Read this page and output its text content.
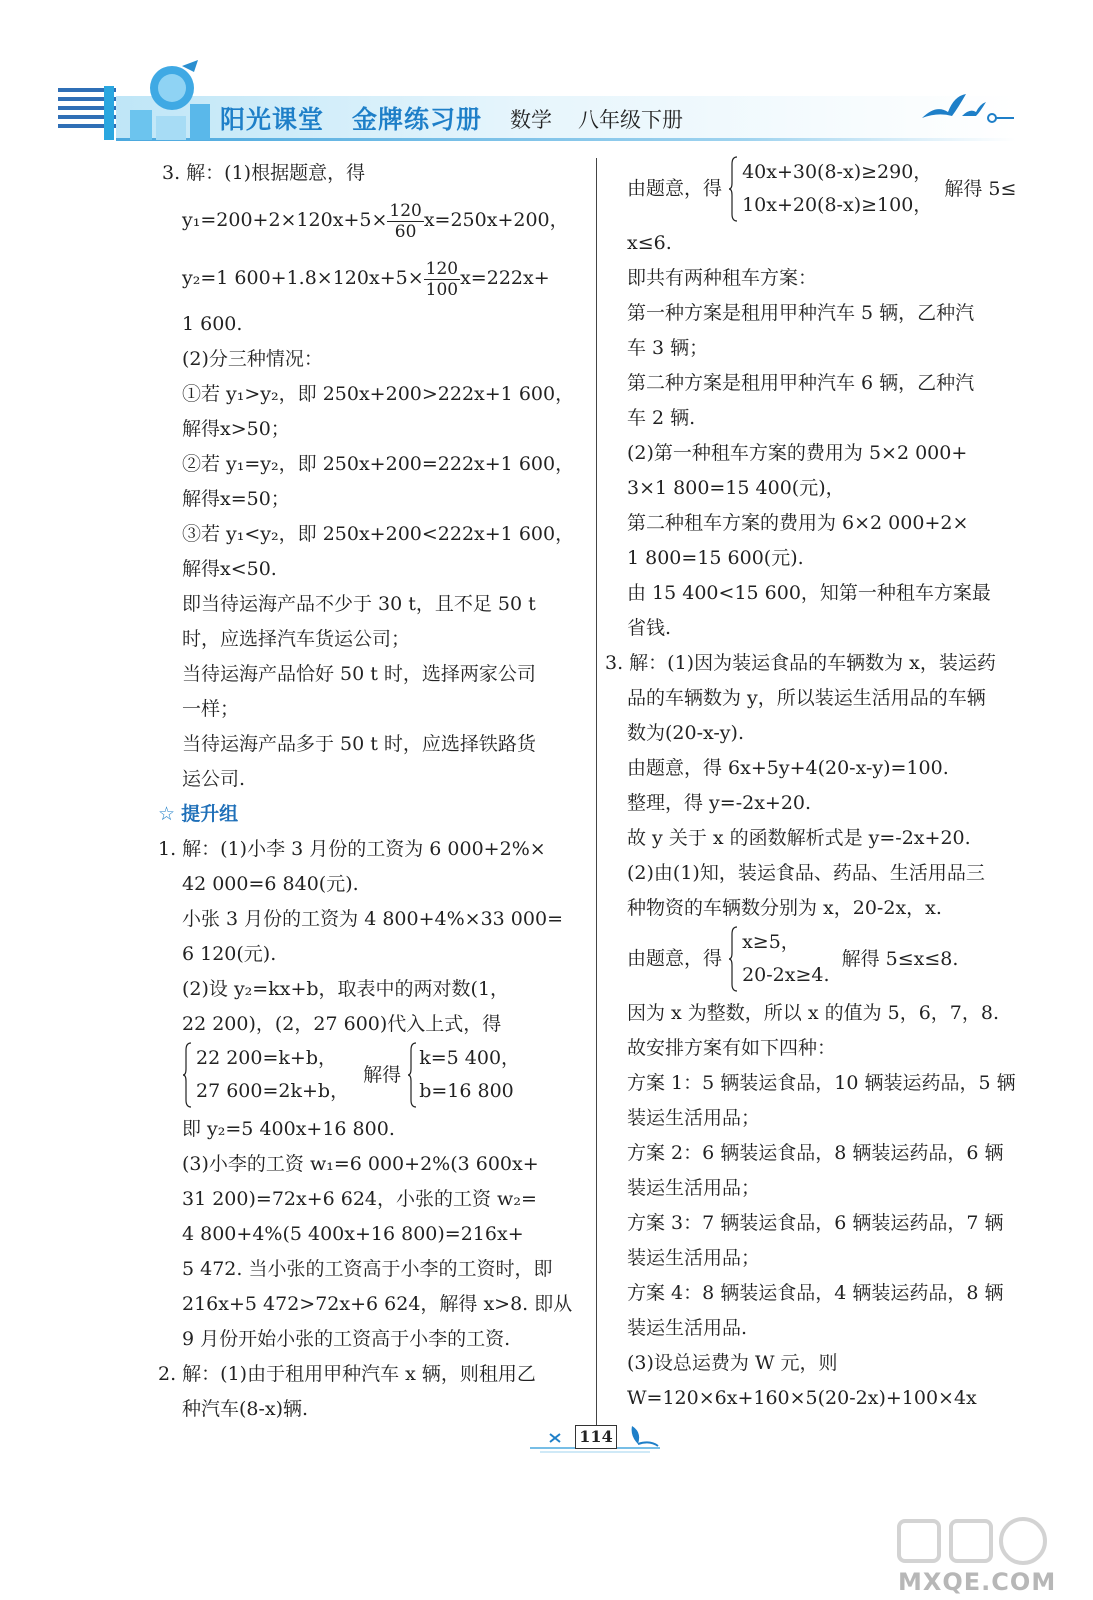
阳光课堂 金牌练习册 数学 八年级下册
3. 解：(1)根据题意，得
$y_1=200+2\times 120x+5\times \frac{120}{60} x=250x+200$，
y₂=1 $600+1.8\times 120x+5\times \frac{120}{100} x=222x+$
1 600.
(2)分三种情况：
①若 y₁>y₂，即 250x+200>222x+1 600，
解得x>50；
②若 y₁=y₂，即 250x+200=222x+1 600，
解得x=50；
③若 y₁<y₂，即 250x+200<222x+1 600，
解得x<50.
即当待运海产品不少于 30 t，且不足 50 t
时，应选择汽车货运公司；
当待运海产品恰好 50 t 时，选择两家公司
一样；
当待运海产品多于 50 t 时，应选择铁路货
运公司.
☆ 提升组
1. 解：(1)小李 3 月份的工资为 6 000+2%×
42 000=6 840(元).
小张 3 月份的工资为 4 800+4%×33 000=
6 120(元).
(2)设 y₂=kx+b，取表中的两对数(1，
22 200)，(2，27 600)代入上式，得
22 200=k+b，
27 600=2k+b，
解得
k=5 400，
b=16 800
即 y₂=5 400x+16 800.
(3)小李的工资 w₁=6 000+2%(3 600x+
31 200)=72x+6 624，小张的工资 w₂=
4 800+4%(5 400x+16 800)=216x+
5 472. 当小张的工资高于小李的工资时，即
216x+5 472>72x+6 624，解得 x>8. 即从
9 月份开始小张的工资高于小李的工资.
2. 解：(1)由于租用甲种汽车 x 辆，则租用乙
种汽车(8-x)辆.
由题意，得
40x+30(8-x)≥290，
10x+20(8-x)≥100，
解得 5≤
x≤6.
即共有两种租车方案：
第一种方案是租用甲种汽车 5 辆，乙种汽
车 3 辆；
第二种方案是租用甲种汽车 6 辆，乙种汽
车 2 辆.
(2)第一种租车方案的费用为 5×2 000+
3×1 800=15 400(元)，
第二种租车方案的费用为 6×2 000+2×
1 800=15 600(元).
由 15 400<15 600，知第一种租车方案最
省钱.
3. 解：(1)因为装运食品的车辆数为 x，装运药
品的车辆数为 y，所以装运生活用品的车辆
数为(20-x-y).
由题意，得 6x+5y+4(20-x-y)=100.
整理，得 y=-2x+20.
故 y 关于 x 的函数解析式是 y=-2x+20.
(2)由(1)知，装运食品、药品、生活用品三
种物资的车辆数分别为 x，20-2x，x.
由题意，得
x≥5，
20-2x≥4.
解得 5≤x≤8.
因为 x 为整数，所以 x 的值为 5，6，7，8.
故安排方案有如下四种：
方案 1：5 辆装运食品，10 辆装运药品，5 辆
装运生活用品；
方案 2：6 辆装运食品，8 辆装运药品，6 辆
装运生活用品；
方案 3：7 辆装运食品，6 辆装运药品，7 辆
装运生活用品；
方案 4：8 辆装运食品，4 辆装运药品，8 辆
装运生活用品.
(3)设总运费为 W 元，则
W=120×6x+160×5(20-2x)+100×4x
114
MXQE.COM
